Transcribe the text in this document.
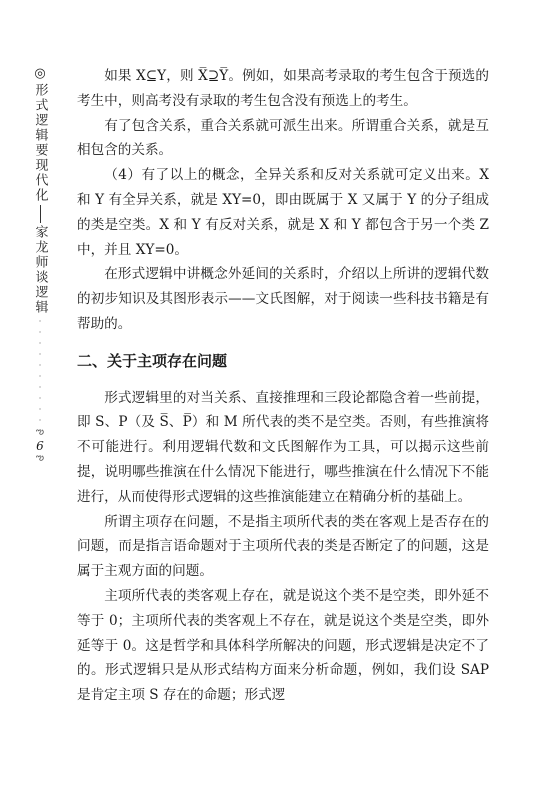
◎形式逻辑要现代化
家龙师谈逻辑
··········
ఌ
6
ఌ

如果 X⊆Y，则 X̅⊇Y̅。例如，如果高考录取的考生包含于预选的考生中，则高考没有录取的考生包含没有预选上的考生。

有了包含关系，重合关系就可派生出来。所谓重合关系，就是互相包含的关系。

（4）有了以上的概念，全异关系和反对关系就可定义出来。X 和 Y 有全异关系，就是 XY=0，即由既属于 X 又属于 Y 的分子组成的类是空类。X 和 Y 有反对关系，就是 X 和 Y 都包含于另一个类 Z 中，并且 XY=0。

在形式逻辑中讲概念外延间的关系时，介绍以上所讲的逻辑代数的初步知识及其图形表示——文氏图解，对于阅读一些科技书籍是有帮助的。

二、关于主项存在问题

形式逻辑里的对当关系、直接推理和三段论都隐含着一些前提，即 S、P（及 S̅、P̅）和 M 所代表的类不是空类。否则，有些推演将不可能进行。利用逻辑代数和文氏图解作为工具，可以揭示这些前提，说明哪些推演在什么情况下能进行，哪些推演在什么情况下不能进行，从而使得形式逻辑的这些推演能建立在精确分析的基础上。

所谓主项存在问题，不是指主项所代表的类在客观上是否存在的问题，而是指言语命题对于主项所代表的类是否断定了的问题，这是属于主观方面的问题。

主项所代表的类客观上存在，就是说这个类不是空类，即外延不等于 0；主项所代表的类客观上不存在，就是说这个类是空类，即外延等于 0。这是哲学和具体科学所解决的问题，形式逻辑是决定不了的。形式逻辑只是从形式结构方面来分析命题，例如，我们设 SAP 是肯定主项 S 存在的命题；形式逻
